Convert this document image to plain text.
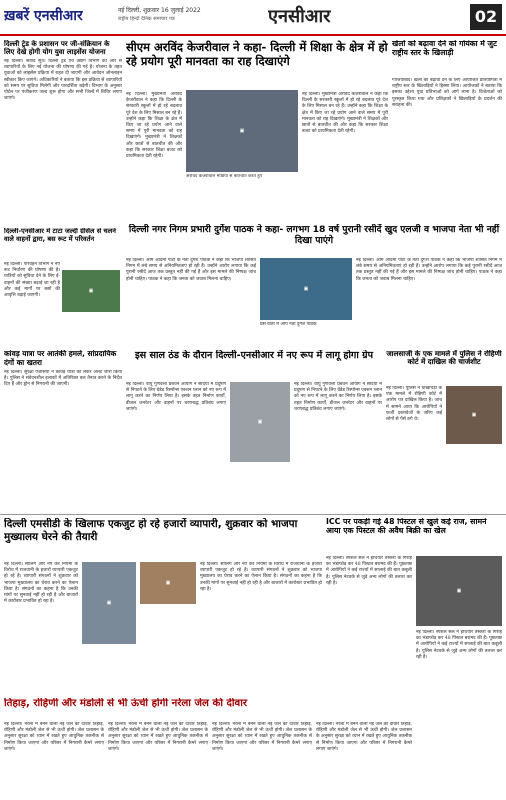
ख़बरें एनसीआर	नई दिल्ली, शुक्रवार 16 जुलाई 2022
राष्ट्रीय हिन्दी दैनिक समाचार पत्र	एनसीआर	02
दिल्ली ट्रेड के प्रशासन पर जी-संक्रियान के लिए देखे होगी योग युवा लाइसेंस योजना
नई दिल्ली। संवाद सूत्र। दिल्ली ट्रेड एवं उद्योग विभाग की ओर से व्यापारियों के लिए नई योजना की घोषणा की गई है। योजना के तहत युवाओं को लाइसेंस प्रक्रिया में राहत दी जाएगी और आवेदन ऑनलाइन स्वीकार किए जाएंगे। अधिकारियों ने बताया कि इस प्रक्रिया से व्यापारियों को समय पर सुविधा मिलेगी और पारदर्शिता बढ़ेगी। विभाग के अनुसार पोर्टल पर पंजीकरण जल्द शुरू होगा और सभी जिलों में शिविर लगाए जाएंगे।
दिल्ली-एनसीआर में टाटा जल्दी ग्रेसिल से चलने वाले वाहनों द्वारा, बस रूट में परिवर्तन
नई दिल्ली। परिवहन विभाग ने नए रूट निर्धारण की घोषणा की है। यात्रियों को सुविधा देने के लिए ई-वाहनों की संख्या बढ़ाई जा रही है और कई मार्गों पर बसों की आवृत्ति बढ़ाई जाएगी।
▣
कांवड़ यात्रा पर आतंकी हमले, सांप्रदायिक दंगों का खतरा
नई दिल्ली। सुरक्षा एजेंसियों ने कांवड़ यात्रा को लेकर अलर्ट जारी किया है। पुलिस ने संवेदनशील इलाकों में अतिरिक्त बल तैनात करने के निर्देश दिए हैं और ड्रोन से निगरानी की जाएगी।
सीएम अरविंद केजरीवाल ने कहा- दिल्ली में शिक्षा के क्षेत्र में हो रहे प्रयोग पूरी मानवता का राह दिखाएंगे
नई दिल्ली। मुख्यमंत्री अरविंद केजरीवाल ने कहा कि दिल्ली के सरकारी स्कूलों में हो रहे बदलाव पूरे देश के लिए मिसाल बन रहे हैं। उन्होंने कहा कि शिक्षा के क्षेत्र में किए जा रहे प्रयोग आने वाले समय में पूरी मानवता को राह दिखाएंगे। मुख्यमंत्री ने शिक्षकों और छात्रों से बातचीत की और कहा कि सरकार शिक्षा बजट को प्राथमिकता देती रहेगी।
▣
अरविंद केजरीवाल मीडिया से बातचीत करते हुए
नई दिल्ली। मुख्यमंत्री अरविंद केजरीवाल ने कहा कि दिल्ली के सरकारी स्कूलों में हो रहे बदलाव पूरे देश के लिए मिसाल बन रहे हैं। उन्होंने कहा कि शिक्षा के क्षेत्र में किए जा रहे प्रयोग आने वाले समय में पूरी मानवता को राह दिखाएंगे। मुख्यमंत्री ने शिक्षकों और छात्रों से बातचीत की और कहा कि सरकार शिक्षा बजट को प्राथमिकता देती रहेगी।
खेलों को बढ़ावा देने को गोयंका में जुट राष्ट्रीय स्तर के खिलाड़ी
गाजियाबाद। खेलों को बढ़ावा देने के लिए आयोजित प्रतियोगिता में राष्ट्रीय स्तर के खिलाड़ियों ने हिस्सा लिया। आयोजकों ने बताया कि इसका उद्देश्य युवा प्रतिभाओं को आगे लाना है। विजेताओं को पुरस्कृत किया गया और प्रशिक्षकों ने खिलाड़ियों के प्रदर्शन की सराहना की।
दिल्ली नगर निगम प्रभारी दुर्गेश पाठक ने कहा- लगभग 18 वर्ष पुरानी रसीदें खुद एलजी व भाजपा नेता भी नहीं दिखा पाएंगे
नई दिल्ली। आम आदमी पार्टी के नेता दुर्गेश पाठक ने कहा कि भाजपा शासित निगम में लंबे समय से अनियमितताएं हो रही हैं। उन्होंने आरोप लगाया कि कई पुरानी रसीदें आज तक प्रस्तुत नहीं की गई हैं और इस मामले की निष्पक्ष जांच होनी चाहिए। पाठक ने कहा कि जनता को जवाब मिलना चाहिए।
▣
प्रेस वार्ता में आप नेता दुर्गेश पाठक
नई दिल्ली। आम आदमी पार्टी के नेता दुर्गेश पाठक ने कहा कि भाजपा शासित निगम में लंबे समय से अनियमितताएं हो रही हैं। उन्होंने आरोप लगाया कि कई पुरानी रसीदें आज तक प्रस्तुत नहीं की गई हैं और इस मामले की निष्पक्ष जांच होनी चाहिए। पाठक ने कहा कि जनता को जवाब मिलना चाहिए।
इस साल ठंड के दौरान दिल्ली-एनसीआर में नए रूप में लागू होगा ग्रेप
नई दिल्ली। वायु गुणवत्ता प्रबंधन आयोग ने सर्दियों में प्रदूषण से निपटने के लिए ग्रेडेड रिस्पॉन्स एक्शन प्लान को नए रूप में लागू करने का निर्णय लिया है। इसके तहत निर्माण कार्यों, डीजल जनरेटर और वाहनों पर चरणबद्ध प्रतिबंध लगाए जाएंगे।
▣
नई दिल्ली। वायु गुणवत्ता प्रबंधन आयोग ने सर्दियों में प्रदूषण से निपटने के लिए ग्रेडेड रिस्पॉन्स एक्शन प्लान को नए रूप में लागू करने का निर्णय लिया है। इसके तहत निर्माण कार्यों, डीजल जनरेटर और वाहनों पर चरणबद्ध प्रतिबंध लगाए जाएंगे।
जालसाजी के एक मामले में पुलिस ने रोहिणी कोर्ट में दाखिल की चार्जशीट
नई दिल्ली। पुलिस ने धोखाधड़ी के एक मामले में रोहिणी कोर्ट में आरोप पत्र दाखिल किया है। जांच में सामने आया कि आरोपियों ने फर्जी दस्तावेजों के जरिए कई लोगों से पैसे ठगे थे।
▣
दिल्ली एमसीडी के खिलाफ एकजुट हो रहे हजारों व्यापारी, शुक्रवार को भाजपा मुख्यालय घेरने की तैयारी
नई दिल्ली। सीलिंग और नए कर नियमों के विरोध में राजधानी के हजारों व्यापारी एकजुट हो रहे हैं। व्यापारी संगठनों ने शुक्रवार को भाजपा मुख्यालय का घेराव करने का ऐलान किया है। संगठनों का कहना है कि उनकी मांगों पर सुनवाई नहीं हो रही है और बाजारों में कारोबार प्रभावित हो रहा है।	▣
▣
नई दिल्ली। सीलिंग और नए कर नियमों के विरोध में राजधानी के हजारों व्यापारी एकजुट हो रहे हैं। व्यापारी संगठनों ने शुक्रवार को भाजपा मुख्यालय का घेराव करने का ऐलान किया है। संगठनों का कहना है कि उनकी मांगों पर सुनवाई नहीं हो रही है और बाजारों में कारोबार प्रभावित हो रहा है।
ICC पर पकड़ी गई 48 पिस्टल से खुले कई राज, सामने आया एक पिस्टल की अवैध बिक्री का खेल
नई दिल्ली। स्पेशल सेल ने हथियार तस्करी के गिरोह का भंडाफोड़ कर 48 पिस्टल बरामद की हैं। पूछताछ में आरोपियों ने कई राज्यों में सप्लाई की बात कबूली है। पुलिस नेटवर्क से जुड़े अन्य लोगों की तलाश कर रही है।
▣
नई दिल्ली। स्पेशल सेल ने हथियार तस्करी के गिरोह का भंडाफोड़ कर 48 पिस्टल बरामद की हैं। पूछताछ में आरोपियों ने कई राज्यों में सप्लाई की बात कबूली है। पुलिस नेटवर्क से जुड़े अन्य लोगों की तलाश कर रही है।
तिहाड़, रोहिणी और मंडोली से भी ऊंची होगी नरेला जेल की दीवार
नई दिल्ली। नरेला में बनने वाली नई जेल की दीवार तिहाड़, रोहिणी और मंडोली जेल से भी ऊंची होगी। जेल प्रशासन के अनुसार सुरक्षा को ध्यान में रखते हुए आधुनिक तकनीक से निर्माण किया जाएगा और परिसर में निगरानी कैमरे लगाए जाएंगे।
नई दिल्ली। नरेला में बनने वाली नई जेल की दीवार तिहाड़, रोहिणी और मंडोली जेल से भी ऊंची होगी। जेल प्रशासन के अनुसार सुरक्षा को ध्यान में रखते हुए आधुनिक तकनीक से निर्माण किया जाएगा और परिसर में निगरानी कैमरे लगाए जाएंगे।
नई दिल्ली। नरेला में बनने वाली नई जेल की दीवार तिहाड़, रोहिणी और मंडोली जेल से भी ऊंची होगी। जेल प्रशासन के अनुसार सुरक्षा को ध्यान में रखते हुए आधुनिक तकनीक से निर्माण किया जाएगा और परिसर में निगरानी कैमरे लगाए जाएंगे।
नई दिल्ली। नरेला में बनने वाली नई जेल की दीवार तिहाड़, रोहिणी और मंडोली जेल से भी ऊंची होगी। जेल प्रशासन के अनुसार सुरक्षा को ध्यान में रखते हुए आधुनिक तकनीक से निर्माण किया जाएगा और परिसर में निगरानी कैमरे लगाए जाएंगे।
